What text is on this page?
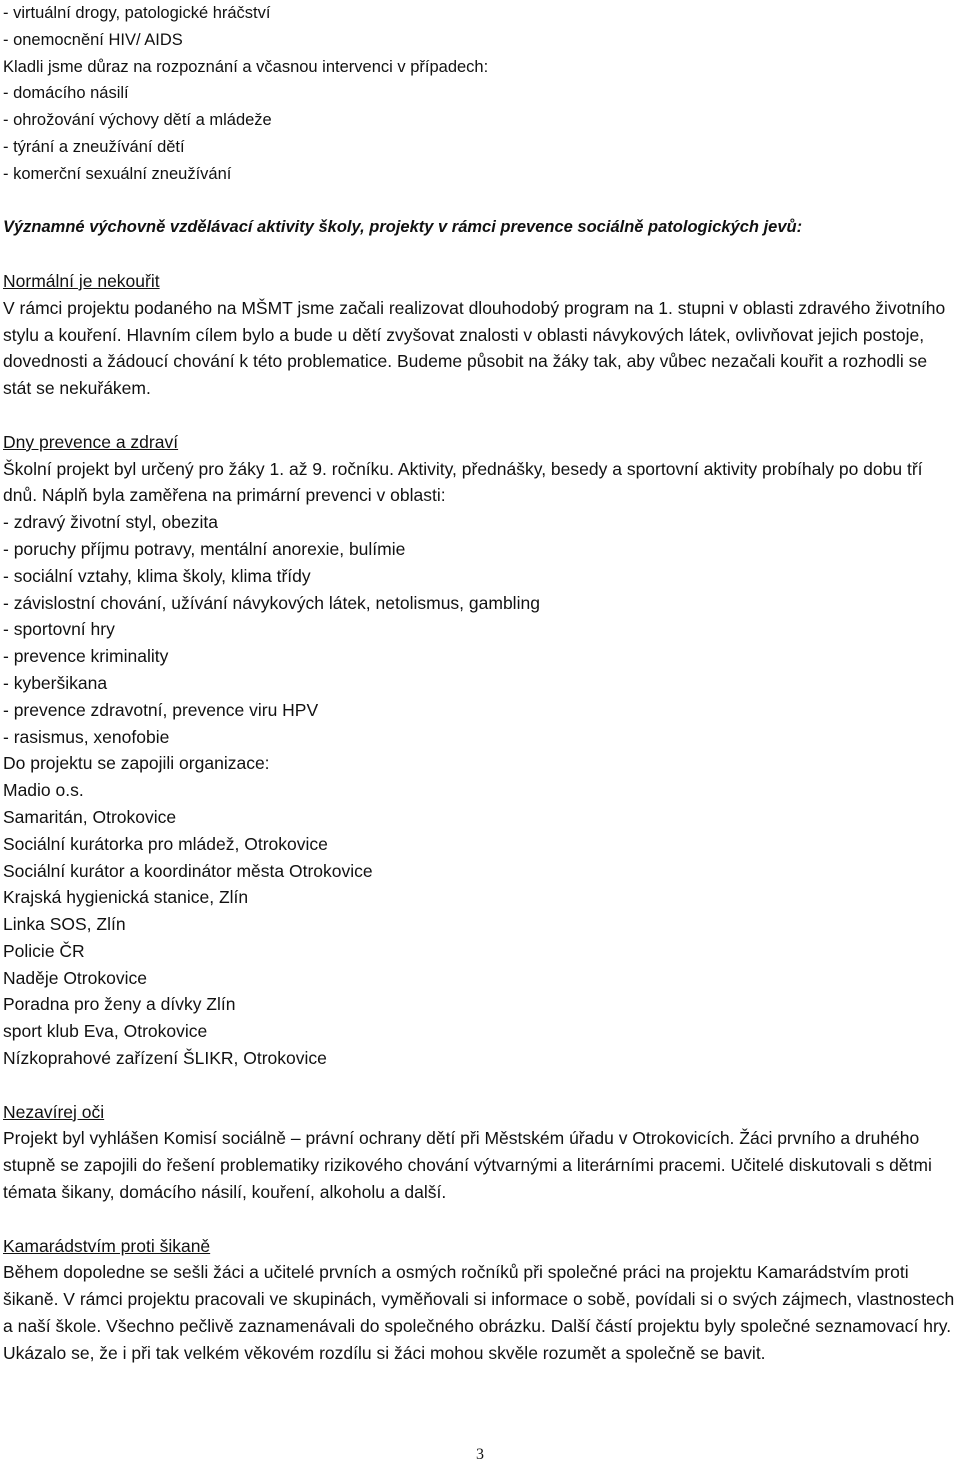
- virtuální drogy, patologické hráčství
- onemocnění HIV/ AIDS
Kladli jsme důraz na rozpoznání a včasnou intervenci v případech:
- domácího násilí
- ohrožování výchovy dětí a mládeže
- týrání a zneužívání dětí
- komerční sexuální zneužívání
Významné výchovně vzdělávací aktivity školy, projekty v rámci prevence sociálně patologických jevů:
Normální je nekouřit
V rámci projektu podaného na MŠMT jsme začali realizovat dlouhodobý program na 1. stupni v oblasti zdravého životního stylu a kouření. Hlavním cílem bylo a bude u dětí zvyšovat znalosti v oblasti návykových látek, ovlivňovat jejich postoje, dovednosti a žádoucí chování k této problematice. Budeme působit na žáky tak, aby vůbec nezačali kouřit a rozhodli se stát se nekuřákem.
Dny prevence a zdraví
Školní projekt byl určený pro žáky 1. až 9. ročníku. Aktivity, přednášky, besedy a sportovní aktivity probíhaly po dobu tří dnů. Náplň byla zaměřena na primární prevenci v oblasti:
- zdravý životní styl, obezita
- poruchy příjmu potravy, mentální anorexie, bulímie
- sociální vztahy, klima školy, klima třídy
- závislostní chování, užívání návykových látek, netolismus, gambling
- sportovní hry
- prevence kriminality
- kyberšikana
- prevence zdravotní, prevence viru HPV
- rasismus, xenofobie
Do projektu se zapojili organizace:
Madio o.s.
Samaritán, Otrokovice
Sociální kurátorka pro mládež, Otrokovice
Sociální kurátor a koordinátor města Otrokovice
Krajská hygienická stanice, Zlín
Linka SOS, Zlín
Policie ČR
Naděje Otrokovice
Poradna pro ženy a dívky Zlín
sport klub Eva, Otrokovice
Nízkoprahové zařízení ŠLIKR, Otrokovice
Nezavírej oči
Projekt byl vyhlášen Komisí sociálně – právní ochrany dětí při Městském úřadu v Otrokovicích. Žáci prvního a druhého stupně se zapojili do řešení problematiky rizikového chování výtvarnými a literárními pracemi. Učitelé diskutovali s dětmi témata šikany, domácího násilí, kouření, alkoholu a další.
Kamarádstvím proti šikaně
Během dopoledne se sešli žáci a učitelé prvních a osmých ročníků při společné práci na projektu Kamarádstvím proti šikaně. V rámci projektu pracovali ve skupinách, vyměňovali si informace o sobě, povídali si o svých zájmech, vlastnostech a naší škole. Všechno pečlivě zaznamenávali do společného obrázku. Další částí projektu byly společné seznamovací hry. Ukázalo se, že i při tak velkém věkovém rozdílu si žáci mohou skvěle rozumět a společně se bavit.
3
